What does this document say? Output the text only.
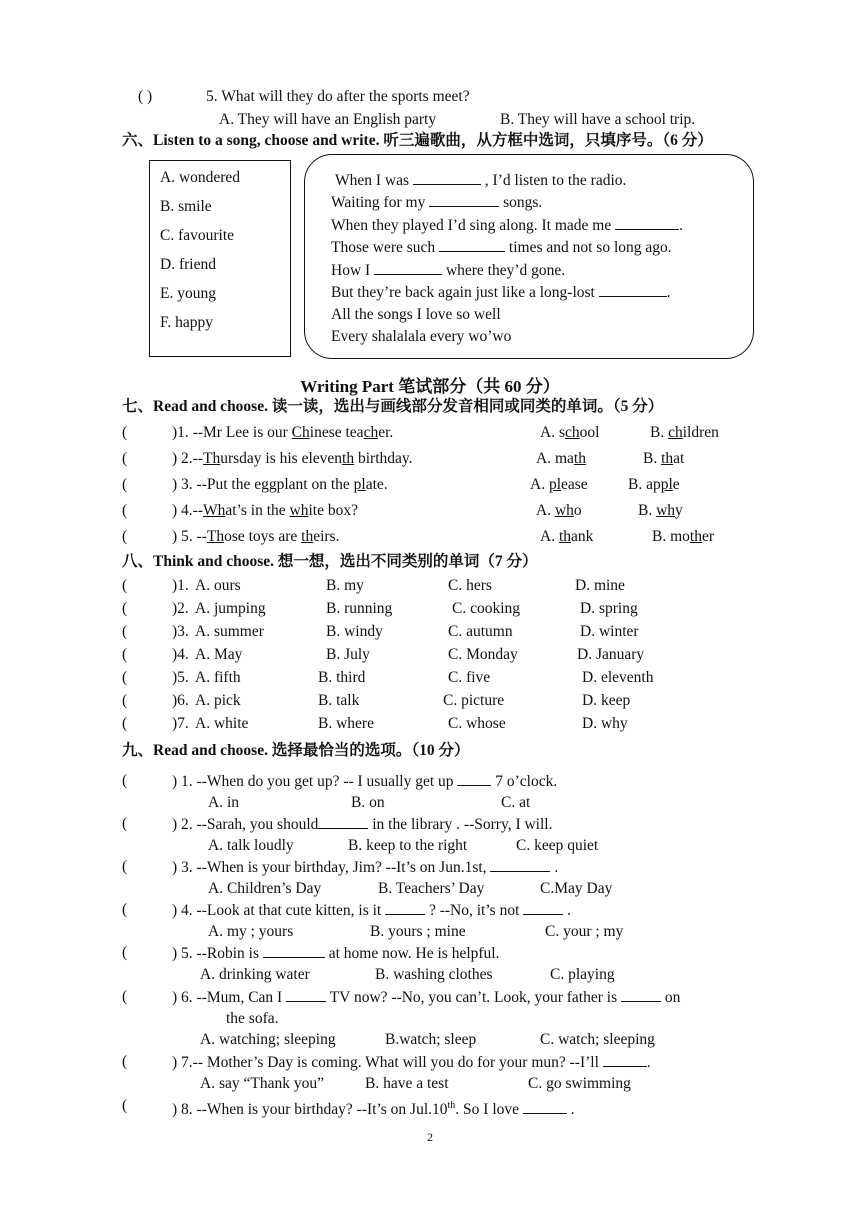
( )	5. What will they do after the sports meet?
A. They will have an English party	B. They will have a school trip.
六、Listen to a song, choose and write. 听三遍歌曲，从方框中选词，只填序号。（6 分）
A. wondered
B. smile
C. favourite
D. friend
E. young
F. happy
When I was	, I’d listen to the radio.
Waiting for my	songs.
When they played I’d sing along. It made me	.
Those were such	times and not so long ago.
How I	where they’d gone.
But they’re back again just like a long-lost	.
All the songs I love so well
Every shalalala every wo’wo
Writing Part 笔试部分（共 60 分）
七、Read and choose. 读一读，选出与画线部分发音相同或同类的单词。（5 分）
(	)1. --Mr Lee is our Chinese teacher.	A. school	B. children
(	) 2.--Thursday is his eleventh birthday.	A. math	B. that
(	) 3. --Put the eggplant on the plate.	A. please	B. apple
(	) 4.--What’s in the white box?	A. who	B. why
(	) 5. --Those toys are theirs.	A. thank	B. mother
八、Think and choose. 想一想，选出不同类别的单词（7 分）
(	)1. A. ours	B. my	C. hers	D. mine
(	)2. A. jumping	B. running	C. cooking	D. spring
(	)3. A. summer	B. windy	C. autumn	D. winter
(	)4. A. May	B. July	C. Monday	D. January
(	)5. A. fifth	B. third	C. five	D. eleventh
(	)6. A. pick	B. talk	C. picture	D. keep
(	)7. A. white	B. where	C. whose	D. why
九、Read and choose. 选择最恰当的选项。（10 分）
(	) 1. --When do you get up? -- I usually get up	7 o’clock.
A. in	B. on	C. at
(	) 2. --Sarah, you should	in the library . --Sorry, I will.
A. talk loudly	B. keep to the right	C. keep quiet
(	) 3. --When is your birthday, Jim? --It’s on Jun.1st,	.
A. Children’s Day	B. Teachers’ Day	C.May Day
(	) 4. --Look at that cute kitten, is it	? --No, it’s not	.
A. my ; yours	B. yours ; mine	C. your ; my
(	) 5. --Robin is	at home now. He is helpful.
A. drinking water	B. washing clothes	C. playing
(	) 6. --Mum, Can I	TV now? --No, you can’t. Look, your father is	on
the sofa.
A. watching; sleeping	B.watch; sleep	C. watch; sleeping
(	) 7.-- Mother’s Day is coming. What will you do for your mun? --I’ll	.
A. say “Thank you”	B. have a test	C. go swimming
(	) 8. --When is your birthday? --It’s on Jul.10th. So I love	.
2
